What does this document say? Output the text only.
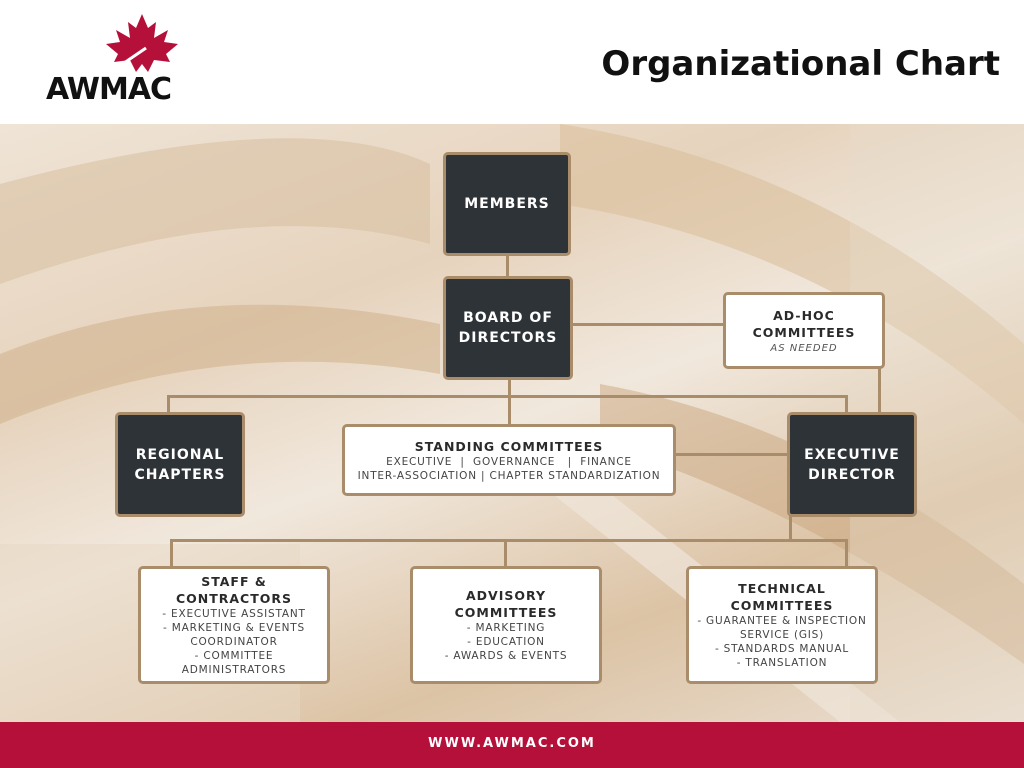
AWMAC
Organizational Chart
MEMBERS
BOARD OF
DIRECTORS
AD-HOC
COMMITTEES
AS NEEDED
REGIONAL
CHAPTERS
STANDING COMMITTEES
EXECUTIVE  |  GOVERNANCE   |  FINANCE
INTER-ASSOCIATION | CHAPTER STANDARDIZATION
EXECUTIVE
DIRECTOR
STAFF &
CONTRACTORS
- EXECUTIVE ASSISTANT
- MARKETING & EVENTS
COORDINATOR
- COMMITTEE ADMINISTRATORS
ADVISORY
COMMITTEES
- MARKETING
- EDUCATION
- AWARDS & EVENTS
TECHNICAL
COMMITTEES
- GUARANTEE & INSPECTION
SERVICE (GIS)
- STANDARDS MANUAL
- TRANSLATION
WWW.AWMAC.COM
